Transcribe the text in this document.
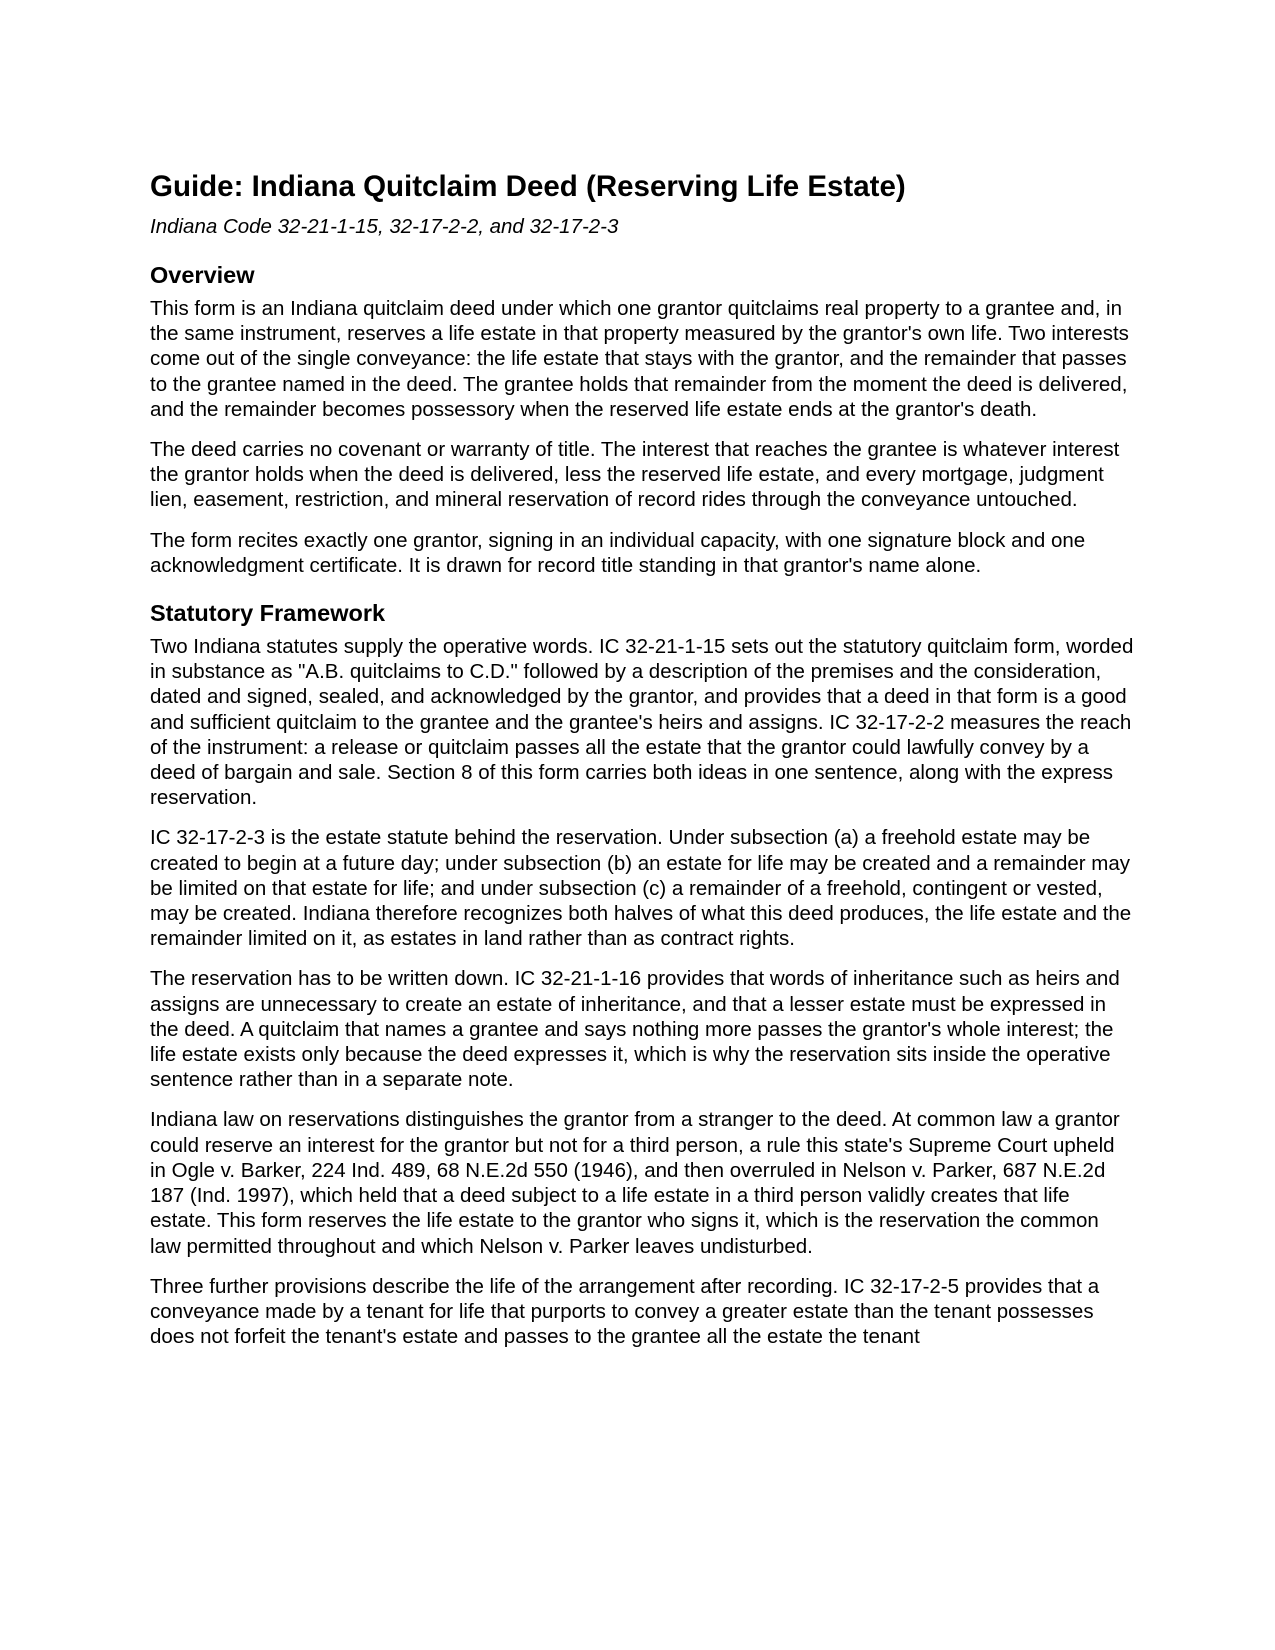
Guide: Indiana Quitclaim Deed (Reserving Life Estate)
Indiana Code 32-21-1-15, 32-17-2-2, and 32-17-2-3
Overview

This form is an Indiana quitclaim deed under which one grantor quitclaims real property to a grantee and, in the same instrument, reserves a life estate in that property measured by the grantor's own life. Two interests come out of the single conveyance: the life estate that stays with the grantor, and the remainder that passes to the grantee named in the deed. The grantee holds that remainder from the moment the deed is delivered, and the remainder becomes possessory when the reserved life estate ends at the grantor's death.

The deed carries no covenant or warranty of title. The interest that reaches the grantee is whatever interest the grantor holds when the deed is delivered, less the reserved life estate, and every mortgage, judgment lien, easement, restriction, and mineral reservation of record rides through the conveyance untouched.

The form recites exactly one grantor, signing in an individual capacity, with one signature block and one acknowledgment certificate. It is drawn for record title standing in that grantor's name alone.

Statutory Framework

Two Indiana statutes supply the operative words. IC 32-21-1-15 sets out the statutory quitclaim form, worded in substance as "A.B. quitclaims to C.D." followed by a description of the premises and the consideration, dated and signed, sealed, and acknowledged by the grantor, and provides that a deed in that form is a good and sufficient quitclaim to the grantee and the grantee's heirs and assigns. IC 32-17-2-2 measures the reach of the instrument: a release or quitclaim passes all the estate that the grantor could lawfully convey by a deed of bargain and sale. Section 8 of this form carries both ideas in one sentence, along with the express reservation.

IC 32-17-2-3 is the estate statute behind the reservation. Under subsection (a) a freehold estate may be created to begin at a future day; under subsection (b) an estate for life may be created and a remainder may be limited on that estate for life; and under subsection (c) a remainder of a freehold, contingent or vested, may be created. Indiana therefore recognizes both halves of what this deed produces, the life estate and the remainder limited on it, as estates in land rather than as contract rights.

The reservation has to be written down. IC 32-21-1-16 provides that words of inheritance such as heirs and assigns are unnecessary to create an estate of inheritance, and that a lesser estate must be expressed in the deed. A quitclaim that names a grantee and says nothing more passes the grantor's whole interest; the life estate exists only because the deed expresses it, which is why the reservation sits inside the operative sentence rather than in a separate note.

Indiana law on reservations distinguishes the grantor from a stranger to the deed. At common law a grantor could reserve an interest for the grantor but not for a third person, a rule this state's Supreme Court upheld in Ogle v. Barker, 224 Ind. 489, 68 N.E.2d 550 (1946), and then overruled in Nelson v. Parker, 687 N.E.2d 187 (Ind. 1997), which held that a deed subject to a life estate in a third person validly creates that life estate. This form reserves the life estate to the grantor who signs it, which is the reservation the common law permitted throughout and which Nelson v. Parker leaves undisturbed.

Three further provisions describe the life of the arrangement after recording. IC 32-17-2-5 provides that a conveyance made by a tenant for life that purports to convey a greater estate than the tenant possesses does not forfeit the tenant's estate and passes to the grantee all the estate the tenant
